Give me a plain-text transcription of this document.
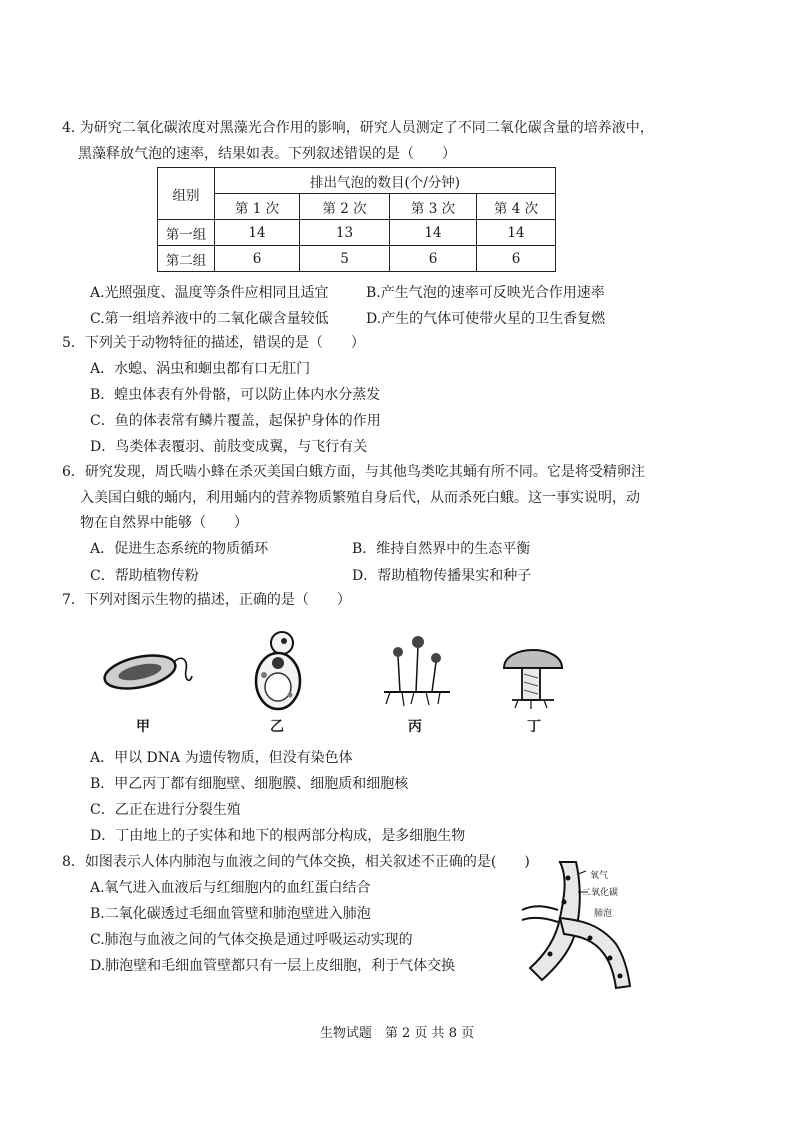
4. 为研究二氧化碳浓度对黑藻光合作用的影响，研究人员测定了不同二氧化碳含量的培养液中，
黑藻释放气泡的速率，结果如表。下列叙述错误的是（　　）
组别	排出气泡的数目(个/分钟)			
	第 1 次	第 2 次	第 3 次	第 4 次
第一组	14	13	14	14
第二组	6	5	6	6
A.光照强度、温度等条件应相同且适宜	B.产生气泡的速率可反映光合作用速率
C.第一组培养液中的二氧化碳含量较低	D.产生的气体可使带火星的卫生香复燃
5．下列关于动物特征的描述，错误的是（　　）
A．水螅、涡虫和蛔虫都有口无肛门
B．蝗虫体表有外骨骼，可以防止体内水分蒸发
C．鱼的体表常有鳞片覆盖，起保护身体的作用
D．鸟类体表覆羽、前肢变成翼，与飞行有关
6．研究发现，周氏啮小蜂在杀灭美国白蛾方面，与其他鸟类吃其蛹有所不同。它是将受精卵注
入美国白蛾的蛹内，利用蛹内的营养物质繁殖自身后代，从而杀死白蛾。这一事实说明，动
物在自然界中能够（　　）
A．促进生态系统的物质循环	B．维持自然界中的生态平衡
C．帮助植物传粉	D．帮助植物传播果实和种子
7．下列对图示生物的描述，正确的是（　　）
甲	乙	丙	丁
A．甲以 DNA 为遗传物质，但没有染色体
B．甲乙丙丁都有细胞壁、细胞膜、细胞质和细胞核
C．乙正在进行分裂生殖
D．丁由地上的子实体和地下的根两部分构成，是多细胞生物
8．如图表示人体内肺泡与血液之间的气体交换，相关叙述不正确的是(　　)
A.氧气进入血液后与红细胞内的血红蛋白结合
B.二氧化碳透过毛细血管壁和肺泡壁进入肺泡
C.肺泡与血液之间的气体交换是通过呼吸运动实现的
D.肺泡壁和毛细血管壁都只有一层上皮细胞，利于气体交换
氧气
二氧化碳
肺泡
生物试题　第 2 页 共 8 页
